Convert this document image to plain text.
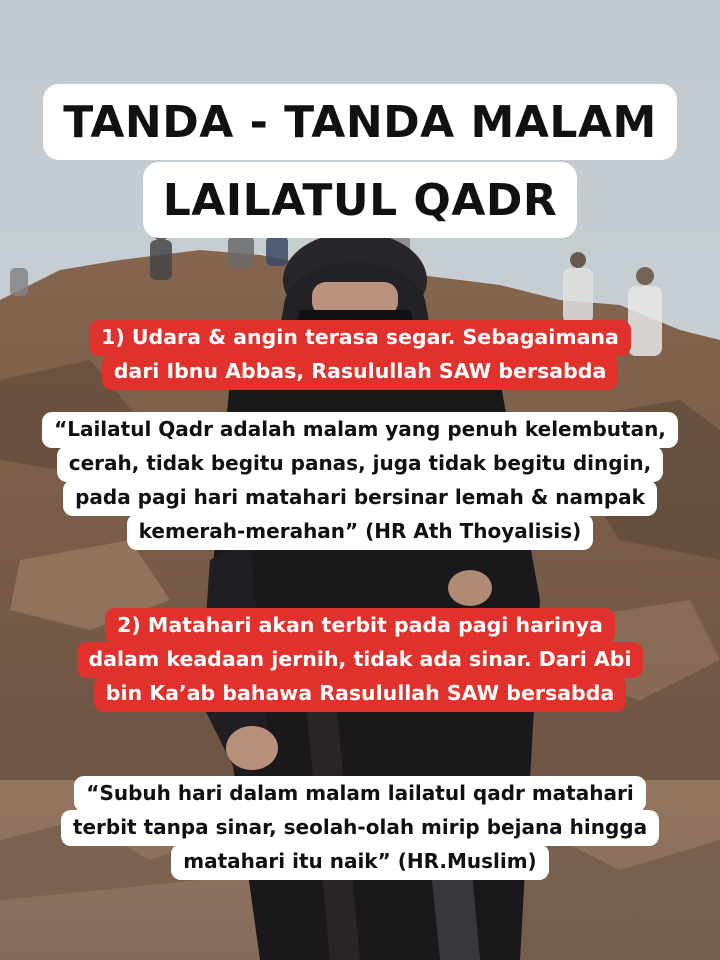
TANDA - TANDA MALAM
LAILATUL QADR
1) Udara & angin terasa segar. Sebagaimana
dari Ibnu Abbas, Rasulullah SAW bersabda
“Lailatul Qadr adalah malam yang penuh kelembutan,
cerah, tidak begitu panas, juga tidak begitu dingin,
pada pagi hari matahari bersinar lemah & nampak
kemerah-merahan” (HR Ath Thoyalisis)
2) Matahari akan terbit pada pagi harinya
dalam keadaan jernih, tidak ada sinar. Dari Abi
bin Ka’ab bahawa Rasulullah SAW bersabda
“Subuh hari dalam malam lailatul qadr matahari
terbit tanpa sinar, seolah-olah mirip bejana hingga
matahari itu naik” (HR.Muslim)
